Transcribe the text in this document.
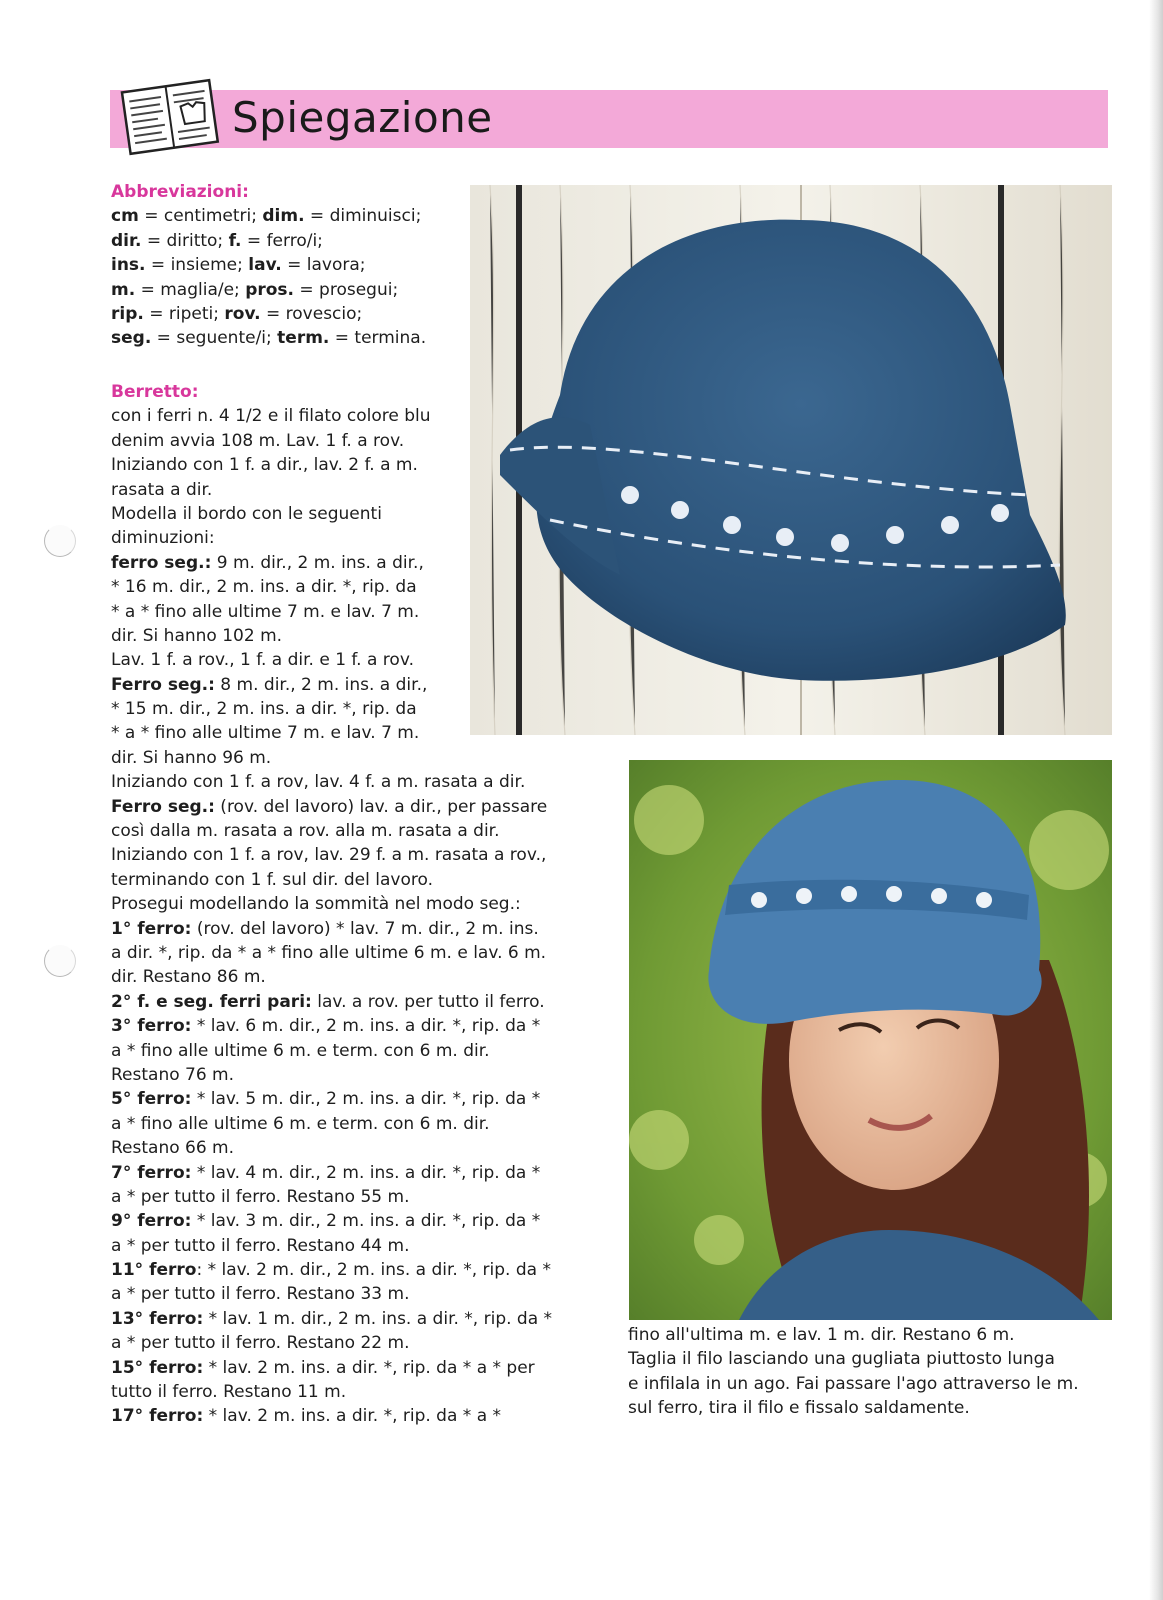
Spiegazione
Abbreviazioni:
cm = centimetri; dim. = diminuisci;
dir. = diritto; f. = ferro/i;
ins. = insieme; lav. = lavora;
m. = maglia/e; pros. = prosegui;
rip. = ripeti; rov. = rovescio;
seg. = seguente/i; term. = termina.
Berretto:
con i ferri n. 4 1/2 e il filato colore blu
denim avvia 108 m. Lav. 1 f. a rov.
Iniziando con 1 f. a dir., lav. 2 f. a m.
rasata a dir.
Modella il bordo con le seguenti
diminuzioni:
ferro seg.: 9 m. dir., 2 m. ins. a dir.,
* 16 m. dir., 2 m. ins. a dir. *, rip. da
* a * fino alle ultime 7 m. e lav. 7 m.
dir. Si hanno 102 m.
Lav. 1 f. a rov., 1 f. a dir. e 1 f. a rov.
Ferro seg.: 8 m. dir., 2 m. ins. a dir.,
* 15 m. dir., 2 m. ins. a dir. *, rip. da
* a * fino alle ultime 7 m. e lav. 7 m.
dir. Si hanno 96 m.
Iniziando con 1 f. a rov, lav. 4 f. a m. rasata a dir.
Ferro seg.: (rov. del lavoro) lav. a dir., per passare
così dalla m. rasata a rov. alla m. rasata a dir.
Iniziando con 1 f. a rov, lav. 29 f. a m. rasata a rov.,
terminando con 1 f. sul dir. del lavoro.
Prosegui modellando la sommità nel modo seg.:
1° ferro: (rov. del lavoro) * lav. 7 m. dir., 2 m. ins.
a dir. *, rip. da * a * fino alle ultime 6 m. e lav. 6 m.
dir. Restano 86 m.
2° f. e seg. ferri pari: lav. a rov. per tutto il ferro.
3° ferro: * lav. 6 m. dir., 2 m. ins. a dir. *, rip. da *
a * fino alle ultime 6 m. e term. con 6 m. dir.
Restano 76 m.
5° ferro: * lav. 5 m. dir., 2 m. ins. a dir. *, rip. da *
a * fino alle ultime 6 m. e term. con 6 m. dir.
Restano 66 m.
7° ferro: * lav. 4 m. dir., 2 m. ins. a dir. *, rip. da *
a * per tutto il ferro. Restano 55 m.
9° ferro: * lav. 3 m. dir., 2 m. ins. a dir. *, rip. da *
a * per tutto il ferro. Restano 44 m.
11° ferro: * lav. 2 m. dir., 2 m. ins. a dir. *, rip. da *
a * per tutto il ferro. Restano 33 m.
13° ferro: * lav. 1 m. dir., 2 m. ins. a dir. *, rip. da *
a * per tutto il ferro. Restano 22 m.
15° ferro: * lav. 2 m. ins. a dir. *, rip. da * a * per
tutto il ferro. Restano 11 m.
17° ferro: * lav. 2 m. ins. a dir. *, rip. da * a *
fino all'ultima m. e lav. 1 m. dir. Restano 6 m.
Taglia il filo lasciando una gugliata piuttosto lunga
e infilala in un ago. Fai passare l'ago attraverso le m.
sul ferro, tira il filo e fissalo saldamente.
